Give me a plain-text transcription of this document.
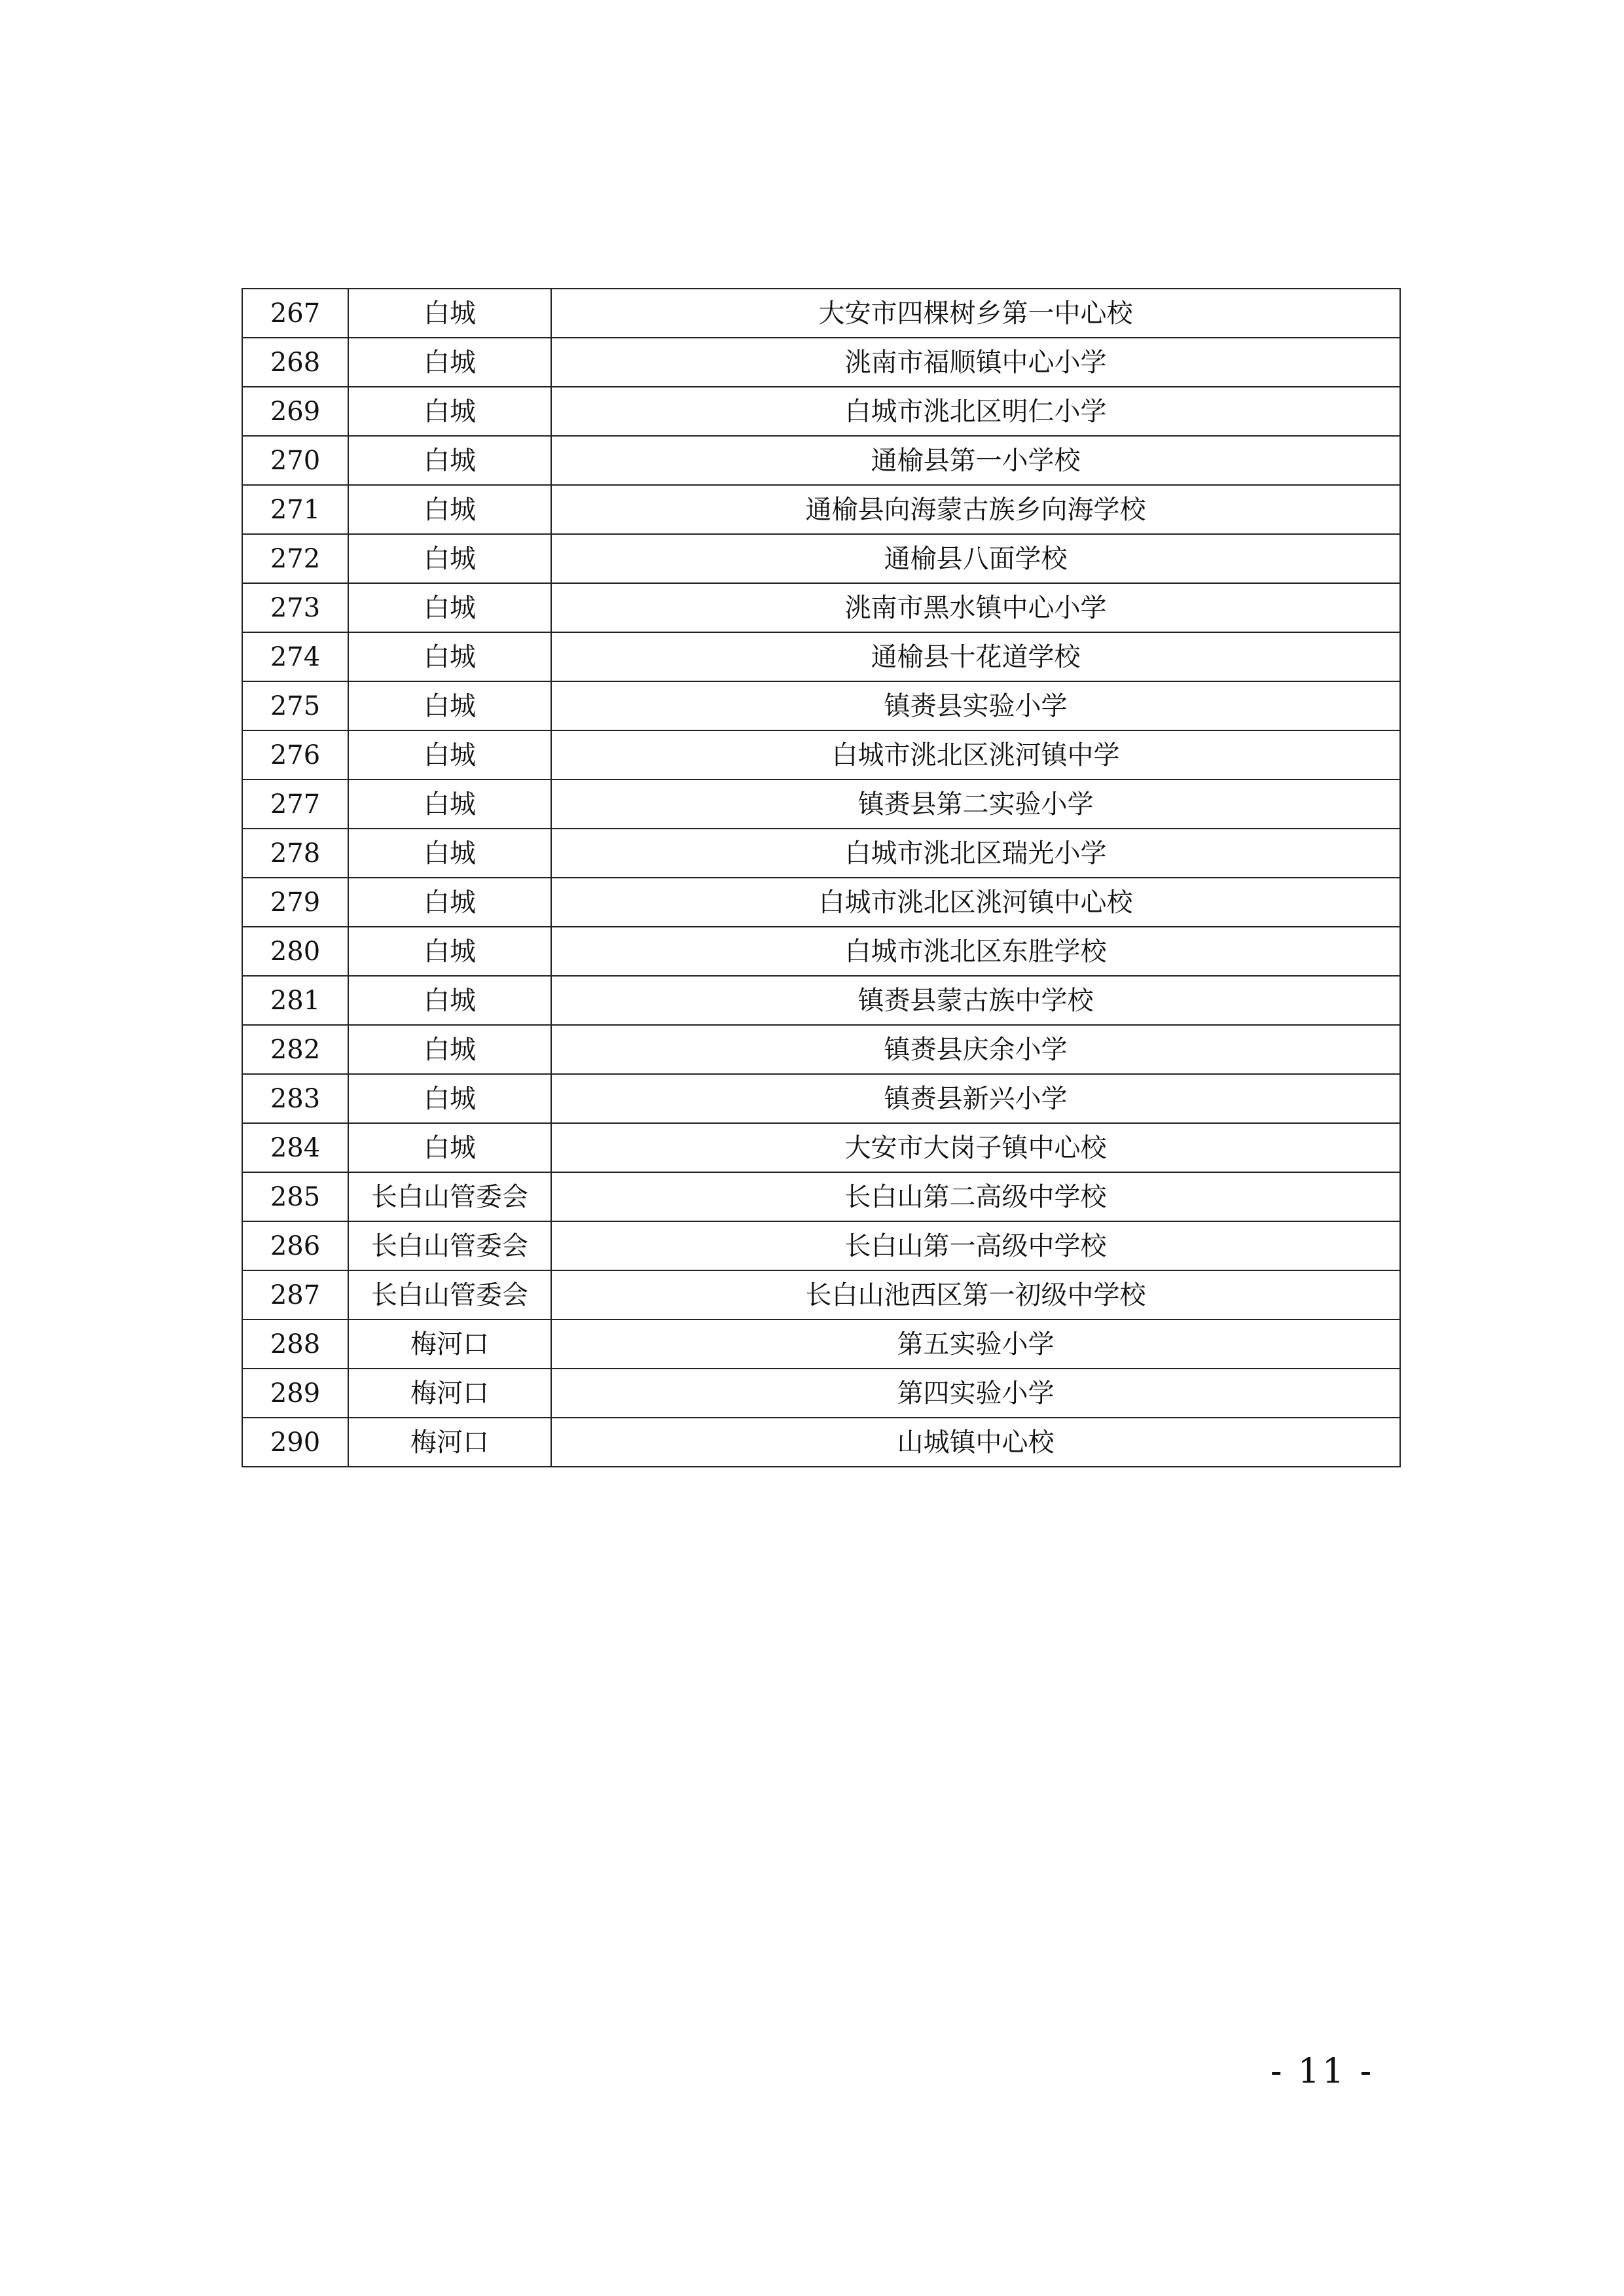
267	白城	大安市四棵树乡第一中心校
268	白城	洮南市福顺镇中心小学
269	白城	白城市洮北区明仁小学
270	白城	通榆县第一小学校
271	白城	通榆县向海蒙古族乡向海学校
272	白城	通榆县八面学校
273	白城	洮南市黑水镇中心小学
274	白城	通榆县十花道学校
275	白城	镇赉县实验小学
276	白城	白城市洮北区洮河镇中学
277	白城	镇赉县第二实验小学
278	白城	白城市洮北区瑞光小学
279	白城	白城市洮北区洮河镇中心校
280	白城	白城市洮北区东胜学校
281	白城	镇赉县蒙古族中学校
282	白城	镇赉县庆余小学
283	白城	镇赉县新兴小学
284	白城	大安市大岗子镇中心校
285	长白山管委会	长白山第二高级中学校
286	长白山管委会	长白山第一高级中学校
287	长白山管委会	长白山池西区第一初级中学校
288	梅河口	第五实验小学
289	梅河口	第四实验小学
290	梅河口	山城镇中心校
- 11 -
